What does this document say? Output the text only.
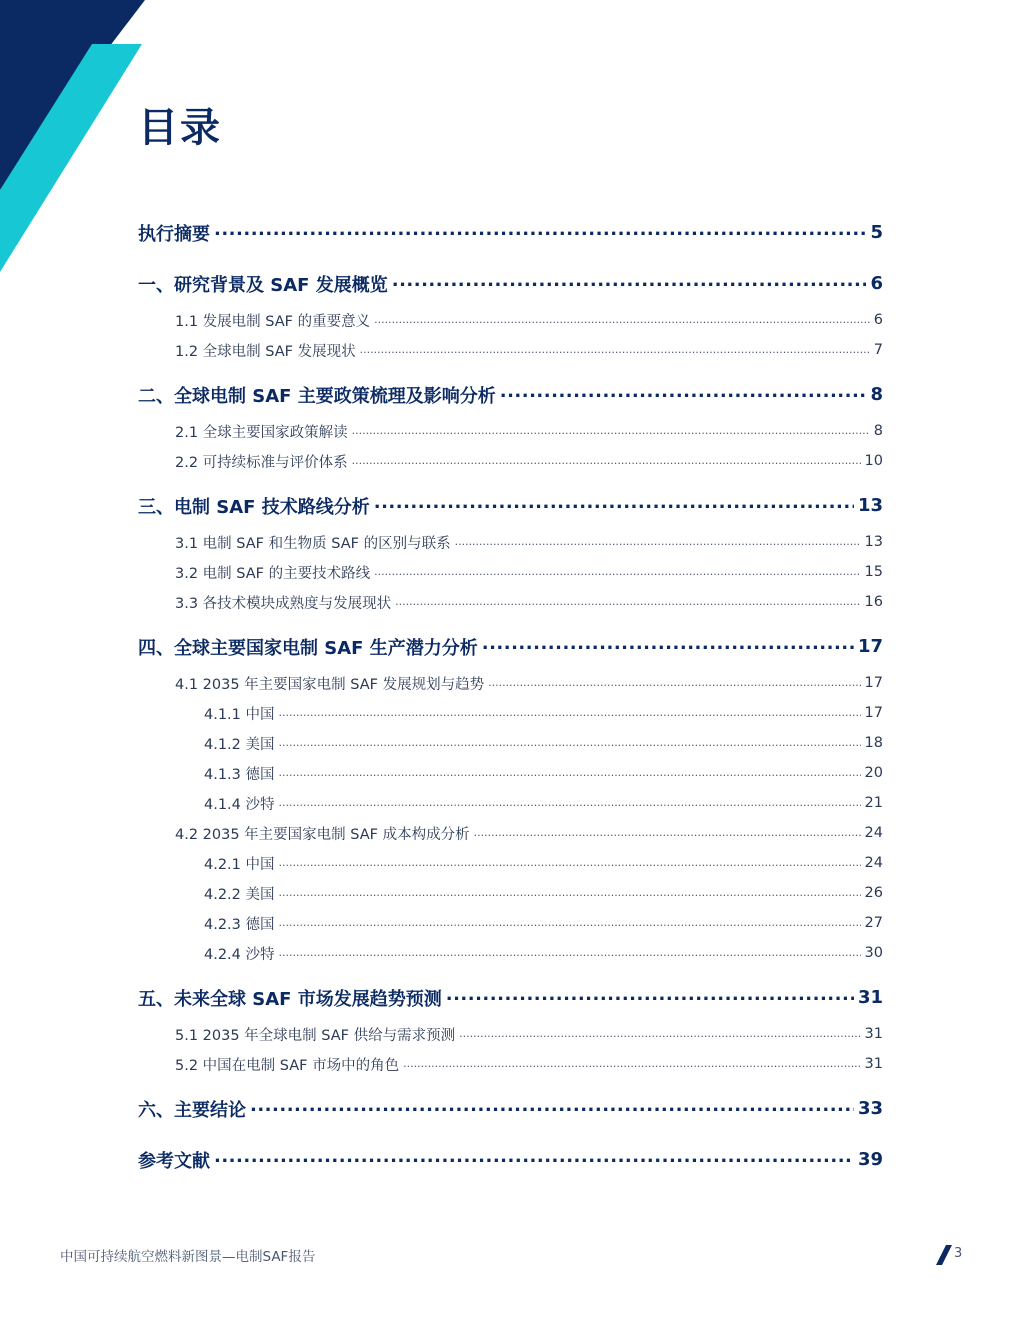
目录
执行摘要 .....	5
一、研究背景及 SAF 发展概览 .....	6
1.1 发展电制 SAF 的重要意义 .....	6
1.2 全球电制 SAF 发展现状 .....	7
二、全球电制 SAF 主要政策梳理及影响分析 .....	8
2.1 全球主要国家政策解读 .....	8
2.2 可持续标准与评价体系 .....	10
三、电制 SAF 技术路线分析 .....	13
3.1 电制 SAF 和生物质 SAF 的区别与联系 .....	13
3.2 电制 SAF 的主要技术路线 .....	15
3.3 各技术模块成熟度与发展现状 .....	16
四、全球主要国家电制 SAF 生产潜力分析 .....	17
4.1 2035 年主要国家电制 SAF 发展规划与趋势 .....	17
4.1.1 中国 .....	17
4.1.2 美国 .....	18
4.1.3 德国 .....	20
4.1.4 沙特 .....	21
4.2 2035 年主要国家电制 SAF 成本构成分析 .....	24
4.2.1 中国 .....	24
4.2.2 美国 .....	26
4.2.3 德国 .....	27
4.2.4 沙特 .....	30
五、未来全球 SAF 市场发展趋势预测 .....	31
5.1 2035 年全球电制 SAF 供给与需求预测 .....	31
5.2 中国在电制 SAF 市场中的角色 .....	31
六、主要结论 .....	33
参考文献 .....	39
中国可持续航空燃料新图景—电制SAF报告	3
